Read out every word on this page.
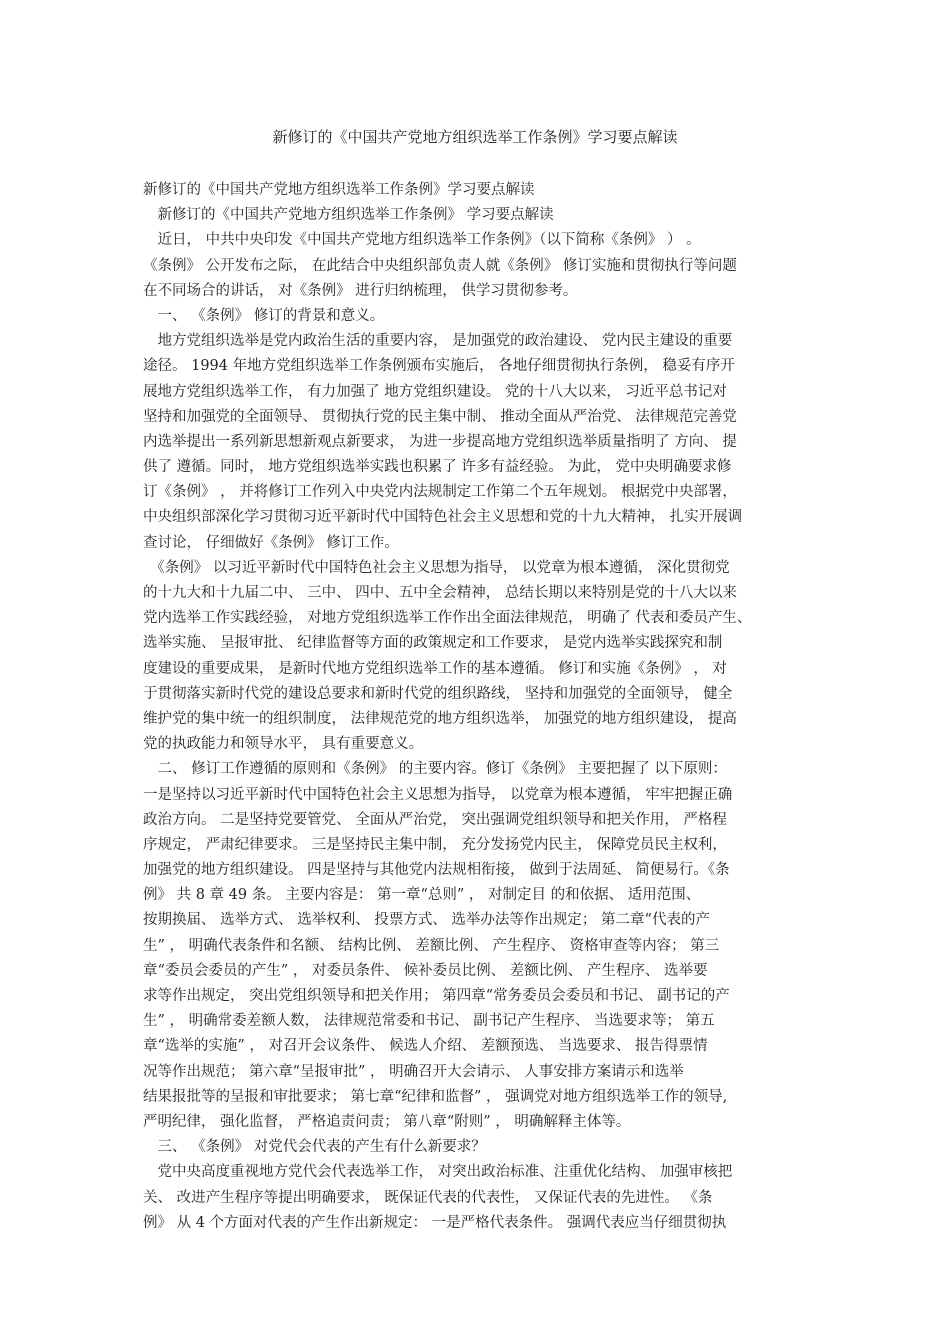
新修订的《中国共产党地方组织选举工作条例》学习要点解读
新修订的《中国共产党地方组织选举工作条例》学习要点解读
　新修订的《中国共产党地方组织选举工作条例》 学习要点解读
　近日， 中共中央印发《中国共产党地方组织选举工作条例》（以下简称《条例》 ） 。
《条例》 公开发布之际， 在此结合中央组织部负责人就《条例》 修订实施和贯彻执行等问题
在不同场合的讲话， 对《条例》 进行归纳梳理， 供学习贯彻参考。
　一、 《条例》 修订的背景和意义。
　地方党组织选举是党内政治生活的重要内容， 是加强党的政治建设、 党内民主建设的重要
途径。 1994 年地方党组织选举工作条例颁布实施后， 各地仔细贯彻执行条例， 稳妥有序开
展地方党组织选举工作， 有力加强了 地方党组织建设。 党的十八大以来， 习近平总书记对
坚持和加强党的全面领导、 贯彻执行党的民主集中制、 推动全面从严治党、 法律规范完善党
内选举提出一系列新思想新观点新要求， 为进一步提高地方党组织选举质量指明了 方向、 提
供了 遵循。同时， 地方党组织选举实践也积累了 许多有益经验。 为此， 党中央明确要求修
订《条例》 ， 并将修订工作列入中央党内法规制定工作第二个五年规划。 根据党中央部署，
中央组织部深化学习贯彻习近平新时代中国特色社会主义思想和党的十九大精神， 扎实开展调
查讨论， 仔细做好《条例》 修订工作。
　《条例》 以习近平新时代中国特色社会主义思想为指导， 以党章为根本遵循， 深化贯彻党
的十九大和十九届二中、 三中、 四中、五中全会精神， 总结长期以来特别是党的十八大以来
党内选举工作实践经验， 对地方党组织选举工作作出全面法律规范， 明确了 代表和委员产生、
选举实施、 呈报审批、 纪律监督等方面的政策规定和工作要求， 是党内选举实践探究和制
度建设的重要成果， 是新时代地方党组织选举工作的基本遵循。 修订和实施《条例》 ， 对
于贯彻落实新时代党的建设总要求和新时代党的组织路线， 坚持和加强党的全面领导， 健全
维护党的集中统一的组织制度， 法律规范党的地方组织选举， 加强党的地方组织建设， 提高
党的执政能力和领导水平， 具有重要意义。
　二、 修订工作遵循的原则和《条例》 的主要内容。修订《条例》 主要把握了 以下原则：
一是坚持以习近平新时代中国特色社会主义思想为指导， 以党章为根本遵循， 牢牢把握正确
政治方向。 二是坚持党要管党、 全面从严治党， 突出强调党组织领导和把关作用， 严格程
序规定， 严肃纪律要求。 三是坚持民主集中制， 充分发扬党内民主， 保障党员民主权利，
加强党的地方组织建设。 四是坚持与其他党内法规相衔接， 做到于法周延、 简便易行。《条
例》 共 8 章 49 条。 主要内容是： 第一章“总则” ， 对制定目 的和依据、 适用范围、
按期换届、 选举方式、 选举权利、 投票方式、 选举办法等作出规定； 第二章“代表的产
生” ， 明确代表条件和名额、 结构比例、 差额比例、 产生程序、 资格审查等内容； 第三
章“委员会委员的产生” ， 对委员条件、 候补委员比例、 差额比例、 产生程序、 选举要
求等作出规定， 突出党组织领导和把关作用； 第四章“常务委员会委员和书记、 副书记的产
生” ， 明确常委差额人数， 法律规范常委和书记、 副书记产生程序、 当选要求等； 第五
章“选举的实施” ， 对召开会议条件、 候选人介绍、 差额预选、 当选要求、 报告得票情
况等作出规范； 第六章“呈报审批” ， 明确召开大会请示、 人事安排方案请示和选举
结果报批等的呈报和审批要求； 第七章“纪律和监督” ， 强调党对地方组织选举工作的领导,
严明纪律， 强化监督， 严格追责问责； 第八章“附则” ， 明确解释主体等。
　三、 《条例》 对党代会代表的产生有什么新要求？
　党中央高度重视地方党代会代表选举工作， 对突出政治标准、注重优化结构、 加强审核把
关、 改进产生程序等提出明确要求， 既保证代表的代表性， 又保证代表的先进性。 《条
例》 从 4 个方面对代表的产生作出新规定： 一是严格代表条件。 强调代表应当仔细贯彻执
